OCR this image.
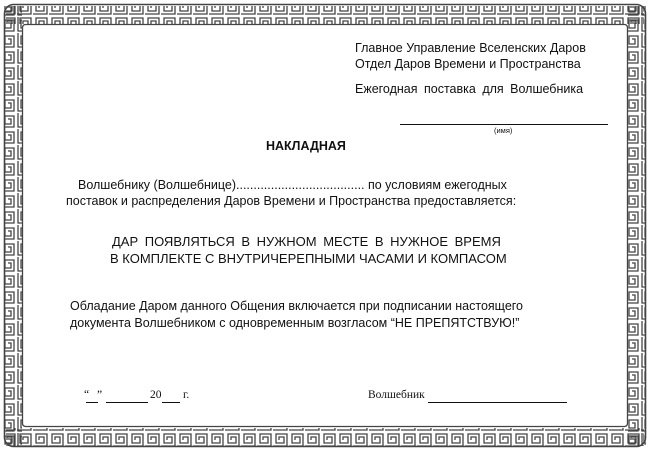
Главное Управление Вселенских Даров
Отдел Даров Времени и Пространства
Ежегодная поставка для Волшебника
(имя)
НАКЛАДНАЯ
Волшебнику (Волшебнице)..................................... по условиям ежегодных
поставок и распределения Даров Времени и Пространства предоставляется:
ДАР ПОЯВЛЯТЬСЯ В НУЖНОМ МЕСТЕ В НУЖНОЕ ВРЕМЯ
В КОМПЛЕКТЕ С ВНУТРИЧЕРЕПНЫМИ ЧАСАМИ И КОМПАСОМ
Обладание Даром данного Общения включается при подписании настоящего
документа Волшебником с одновременным возгласом “НЕ ПРЕПЯТСТВУЮ!”
“ ”	20 г.	Волшебник
